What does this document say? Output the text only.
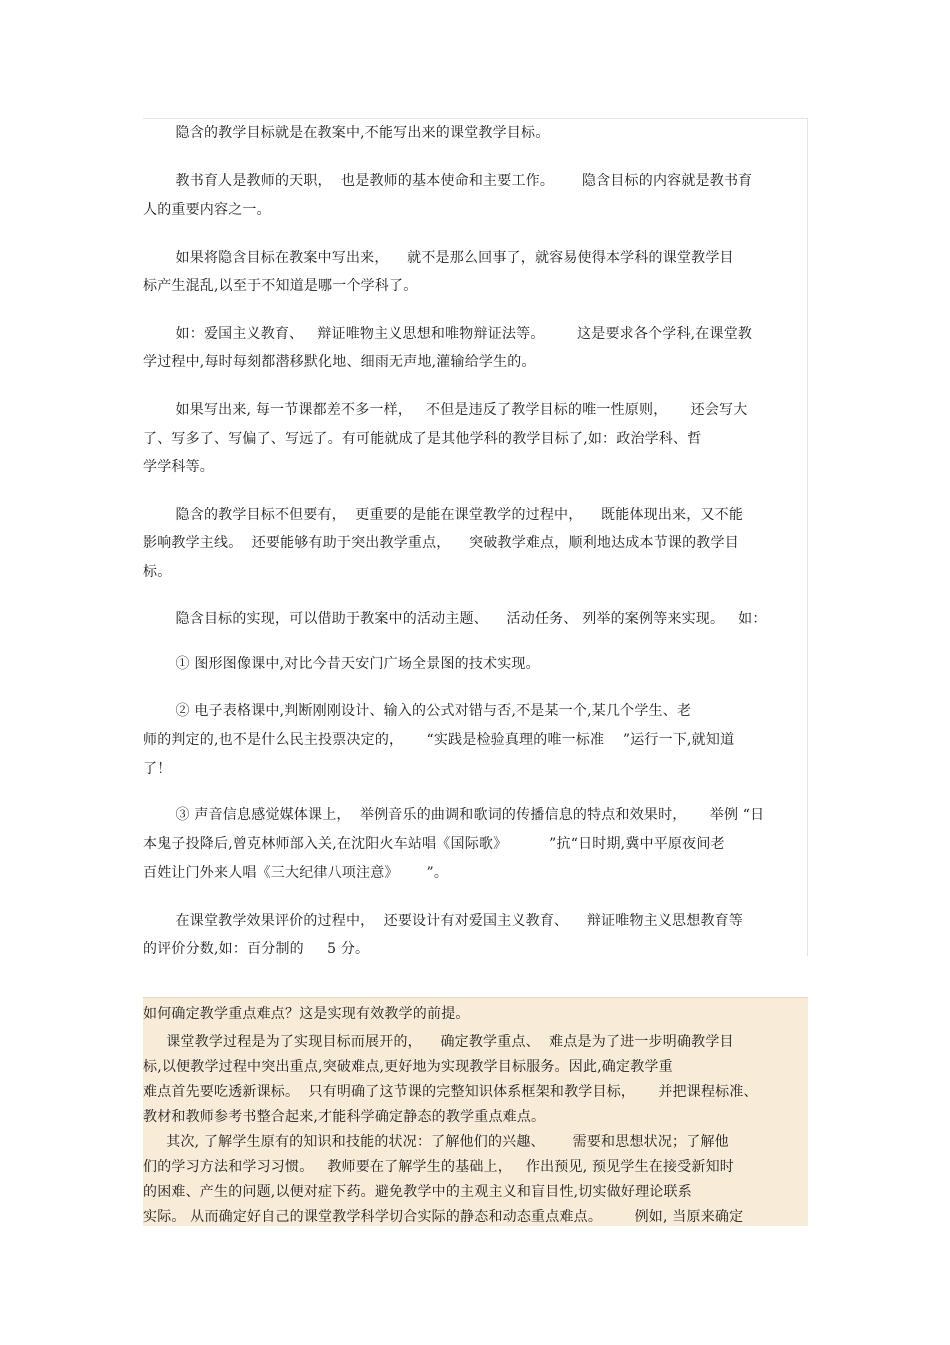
隐含的教学目标就是在教案中,不能写出来的课堂教学目标。
教书育人是教师的天职，  也是教师的基本使命和主要工作。      隐含目标的内容就是教书育
人的重要内容之一。
如果将隐含目标在教案中写出来，    就不是那么回事了，就容易使得本学科的课堂教学目
标产生混乱,以至于不知道是哪一个学科了。
如：爱国主义教育、   辩证唯物主义思想和唯物辩证法等。       这是要求各个学科,在课堂教
学过程中,每时每刻都潜移默化地、细雨无声地,灌输给学生的。
如果写出来, 每一节课都差不多一样，   不但是违反了教学目标的唯一性原则，     还会写大
了、写多了、写偏了、写远了。有可能就成了是其他学科的教学目标了,如：政治学科、哲
学学科等。
隐含的教学目标不但要有，  更重要的是能在课堂教学的过程中，    既能体现出来，又不能
影响教学主线。  还要能够有助于突出教学重点，    突破教学难点，顺利地达成本节课的教学目
标。
隐含目标的实现，可以借助于教案中的活动主题、    活动任务、 列举的案例等来实现。   如：
① 图形图像课中,对比今昔天安门广场全景图的技术实现。
② 电子表格课中,判断刚刚设计、输入的公式对错与否,不是某一个,某几个学生、老
师的判定的,也不是什么民主投票决定的，     “实践是检验真理的唯一标准    ”运行一下,就知道
了！
③ 声音信息感觉媒体课上，  举例音乐的曲调和歌词的传播信息的特点和效果时，     举例 “日
本鬼子投降后,曾克林师部入关,在沈阳火车站唱《国际歌》         ”抗“日时期,冀中平原夜间老
百姓让门外来人唱《三大纪律八项注意》      ”。
在课堂教学效果评价的过程中，  还要设计有对爱国主义教育、    辩证唯物主义思想教育等
的评价分数,如：百分制的     5 分。
如何确定教学重点难点？这是实现有效教学的前提。
课堂教学过程是为了实现目标而展开的，    确定教学重点、  难点是为了进一步明确教学目
标,以便教学过程中突出重点,突破难点,更好地为实现教学目标服务。因此,确定教学重
难点首先要吃透新课标。  只有明确了这节课的完整知识体系框架和教学目标，     并把课程标准、
教材和教师参考书整合起来,才能科学确定静态的教学重点难点。
其次, 了解学生原有的知识和技能的状况：了解他们的兴趣、      需要和思想状况；了解他
们的学习方法和学习习惯。   教师要在了解学生的基础上，   作出预见, 预见学生在接受新知时
的困难、产生的问题,以便对症下药。避免教学中的主观主义和盲目性,切实做好理论联系
实际。 从而确定好自己的课堂教学科学切合实际的静态和动态重点难点。       例如, 当原来确定
